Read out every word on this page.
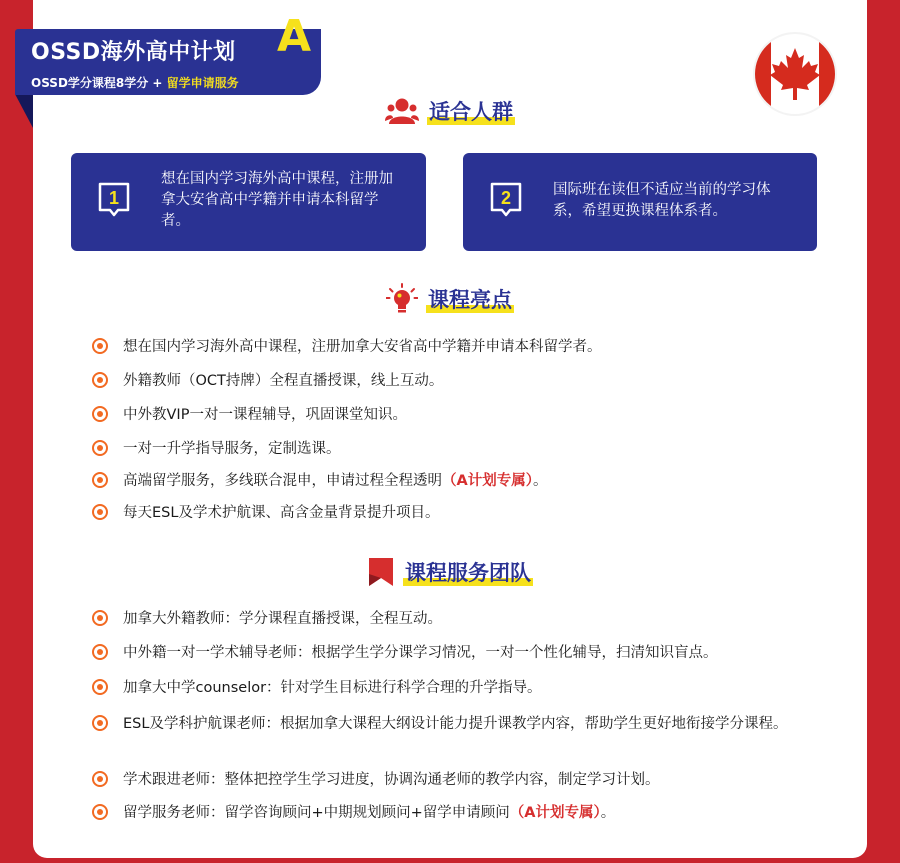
OSSD海外高中计划 A
OSSD学分课程8学分 + 留学申请服务
适合人群
1
想在国内学习海外高中课程，注册加拿大安省高中学籍并申请本科留学者。
2	国际班在读但不适应当前的学习体系，希望更换课程体系者。
课程亮点
想在国内学习海外高中课程，注册加拿大安省高中学籍并申请本科留学者。
外籍教师（OCT持牌）全程直播授课，线上互动。
中外教VIP一对一课程辅导，巩固课堂知识。
一对一升学指导服务，定制选课。
高端留学服务，多线联合混申，申请过程全程透明（A计划专属）。
每天ESL及学术护航课、高含金量背景提升项目。
课程服务团队
加拿大外籍教师：学分课程直播授课，全程互动。
中外籍一对一学术辅导老师：根据学生学分课学习情况，一对一个性化辅导，扫清知识盲点。
加拿大中学counselor：针对学生目标进行科学合理的升学指导。
ESL及学科护航课老师：根据加拿大课程大纲设计能力提升课教学内容，帮助学生更好地衔接学分课程。
学术跟进老师：整体把控学生学习进度，协调沟通老师的教学内容，制定学习计划。
留学服务老师：留学咨询顾问+中期规划顾问+留学申请顾问（A计划专属）。
